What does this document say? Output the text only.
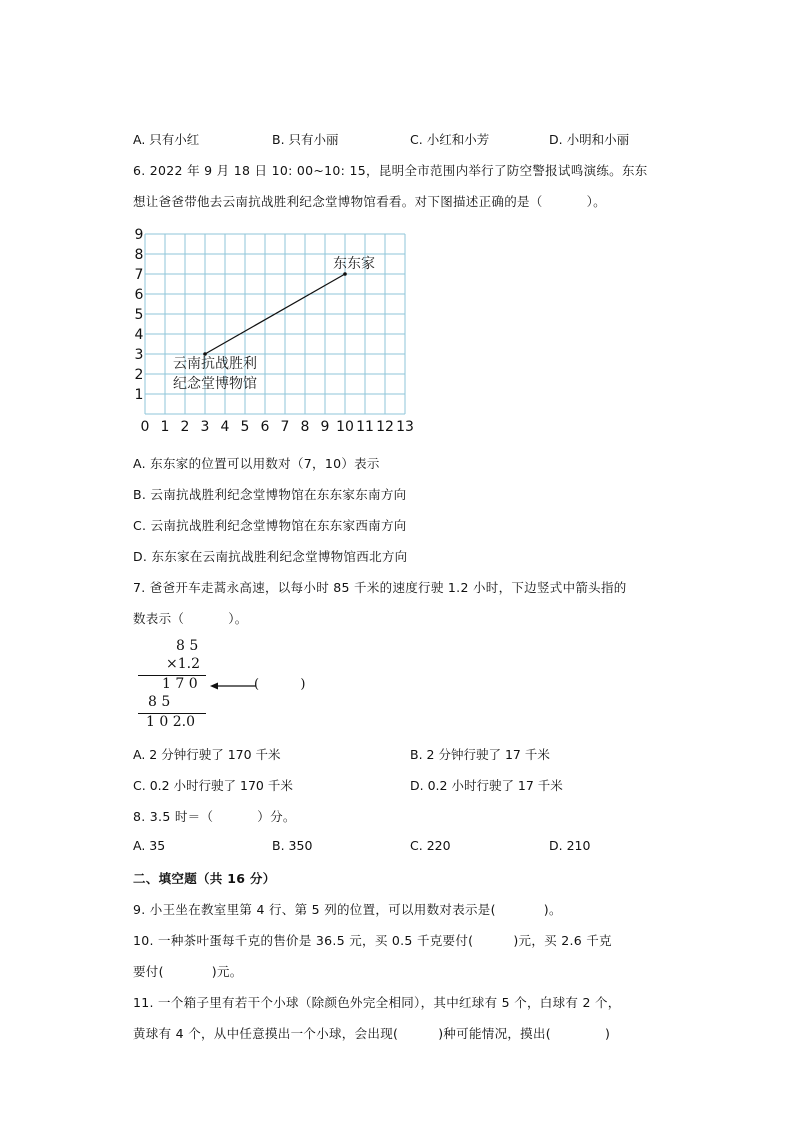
A. 只有小红	B. 只有小丽	C. 小红和小芳	D. 小明和小丽
6. 2022 年 9 月 18 日 10: 00~10: 15，昆明全市范围内举行了防空警报试鸣演练。东东
想让爸爸带他去云南抗战胜利纪念堂博物馆看看。对下图描述正确的是（	）。
1
2
3
4
5
6
7
8
9
0 1 2 3 4 5 6 7 8 9 10 11 12 13
东东家
云南抗战胜利
纪念堂博物馆
A. 东东家的位置可以用数对（7，10）表示
B. 云南抗战胜利纪念堂博物馆在东东家东南方向
C. 云南抗战胜利纪念堂博物馆在东东家西南方向
D. 东东家在云南抗战胜利纪念堂博物馆西北方向
7. 爸爸开车走蒿永高速，以每小时 85 千米的速度行驶 1.2 小时，下边竖式中箭头指的
数表示（	）。
8 5
×1.2
1 7 0
8 5
1 0 2.0
(          )
A. 2 分钟行驶了 170 千米	B. 2 分钟行驶了 17 千米
C. 0.2 小时行驶了 170 千米	D. 0.2 小时行驶了 17 千米
8. 3.5 时＝（	）分。
A. 35	B. 350	C. 220	D. 210
二、填空题（共 16 分）
9. 小王坐在教室里第 4 行、第 5 列的位置，可以用数对表示是(	)。
10. 一种茶叶蛋每千克的售价是 36.5 元，买 0.5 千克要付(	)元，买 2.6 千克
要付(	)元。
11. 一个箱子里有若干个小球（除颜色外完全相同），其中红球有 5 个，白球有 2 个，
黄球有 4 个，从中任意摸出一个小球，会出现(	)种可能情况，摸出(	)
